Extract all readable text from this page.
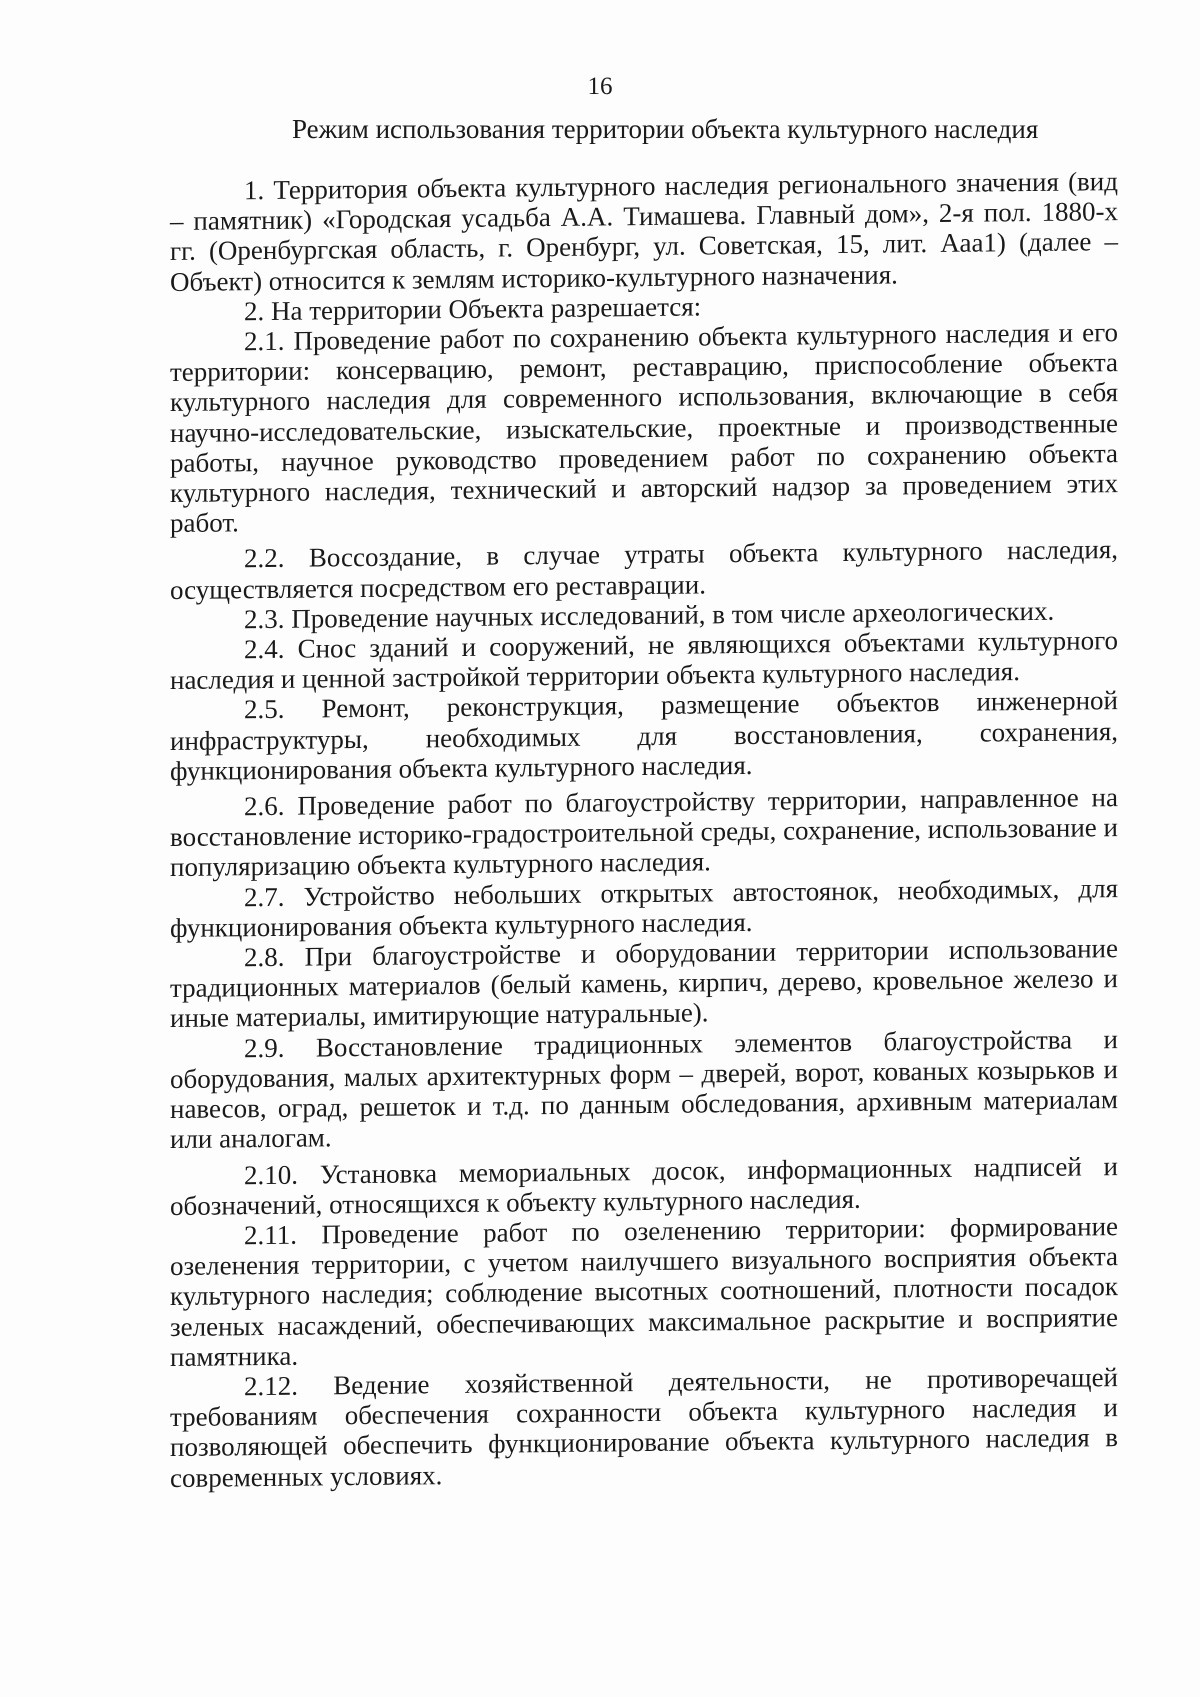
16
Режим использования территории объекта культурного наследия

1. Территория объекта культурного наследия регионального значения (вид – памятник) «Городская усадьба А.А. Тимашева. Главный дом», 2-я пол. 1880-х гг. (Оренбургская область, г. Оренбург, ул. Советская, 15, лит. Ааа1) (далее – Объект) относится к землям историко-культурного назначения.

2. На территории Объекта разрешается:

2.1. Проведение работ по сохранению объекта культурного наследия и его территории: консервацию, ремонт, реставрацию, приспособление объекта культурного наследия для современного использования, включающие в себя научно-исследовательские, изыскательские, проектные и производственные работы, научное руководство проведением работ по сохранению объекта культурного наследия, технический и авторский надзор за проведением этих работ.

2.2. Воссоздание, в случае утраты объекта культурного наследия, осуществляется посредством его реставрации.

2.3. Проведение научных исследований, в том числе археологических.

2.4. Снос зданий и сооружений, не являющихся объектами культурного наследия и ценной застройкой территории объекта культурного наследия.

2.5. Ремонт, реконструкция, размещение объектов инженерной инфраструктуры, необходимых для восстановления, сохранения, функционирования объекта культурного наследия.

2.6. Проведение работ по благоустройству территории, направленное на восстановление историко-градостроительной среды, сохранение, использование и популяризацию объекта культурного наследия.

2.7. Устройство небольших открытых автостоянок, необходимых, для функционирования объекта культурного наследия.

2.8. При благоустройстве и оборудовании территории использование традиционных материалов (белый камень, кирпич, дерево, кровельное железо и иные материалы, имитирующие натуральные).

2.9. Восстановление традиционных элементов благоустройства и оборудования, малых архитектурных форм – дверей, ворот, кованых козырьков и навесов, оград, решеток и т.д. по данным обследования, архивным материалам или аналогам.

2.10. Установка мемориальных досок, информационных надписей и обозначений, относящихся к объекту культурного наследия.

2.11. Проведение работ по озеленению территории: формирование озеленения территории, с учетом наилучшего визуального восприятия объекта культурного наследия; соблюдение высотных соотношений, плотности посадок зеленых насаждений, обеспечивающих максимальное раскрытие и восприятие памятника.

2.12. Ведение хозяйственной деятельности, не противоречащей требованиям обеспечения сохранности объекта культурного наследия и позволяющей обеспечить функционирование объекта культурного наследия в современных условиях.
